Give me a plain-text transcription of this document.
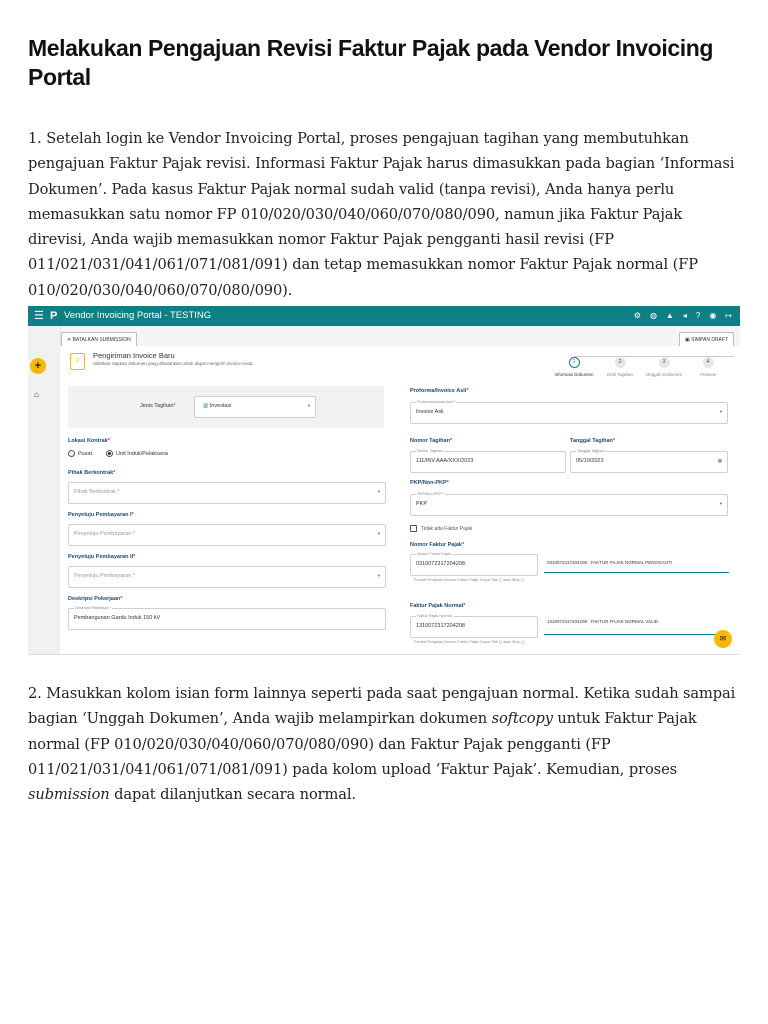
Melakukan Pengajuan Revisi Faktur Pajak pada Vendor Invoicing Portal

1. Setelah login ke Vendor Invoicing Portal, proses pengajuan tagihan yang membutuhkan pengajuan Faktur Pajak revisi. Informasi Faktur Pajak harus dimasukkan pada bagian ‘Informasi Dokumen’. Pada kasus Faktur Pajak normal sudah valid (tanpa revisi), Anda hanya perlu memasukkan satu nomor FP 010/020/030/040/060/070/080/090, namun jika Faktur Pajak direvisi, Anda wajib memasukkan nomor Faktur Pajak pengganti hasil revisi (FP 011/021/031/041/061/071/081/091) dan tetap memasukkan nomor Faktur Pajak normal (FP 010/020/030/040/060/070/080/090).

☰ P Vendor Invoicing Portal - TESTING	⚙ ◍ ▲ ◂ ? ◉ ↦
+
⌂
✕ BATALKAN SUBMISSION	▣ SIMPAN DRAFT
≡
Pengiriman Invoice Baru
Silahkan siapkan dokumen yang dibutuhkan untuk dapat mengirim invoice Anda	1
Informasi Dokumen
2
Detil Tagihan
3
Unggah Dokumen
4
Preview
Jenis Tagihan*	▥ Investasi	▾
Lokasi Kontrak*
Pusat	Unit Induk/Pelaksana
Pihak Berkontrak*
Pihak Berkontrak *	▾
Penyetuju Pembayaran I*
Penyetuju Pembayaran *	▾
Penyetuju Pembayaran II*
Penyetuju Pembayaran *	▾
Deskripsi Pekerjaan*
Deskripsi Pekerjaan *
Pembangunan Gardu Induk 150 kV
Proforma/Invoice Asli*
Proforma/Invoice Asli *
Invoice Asli	▾
Nomor Tagihan*
Nomor Tagihan
111/INV.AAA/XXX/2023
Tanggal Tagihan*
Tanggal Tagihan
05/10/2023	▦
PKP/Non-PKP*
PKP/Non-PKP *
PKP	▾
Tidak ada Faktur Pajak
Nomor Faktur Pajak*
Nomor Faktur Pajak
0310072317204208	0310072317204208 : FAKTUR PAJAK NORMAL PENGGANTI
Format Pengisian Nomor Faktur Pajak Tanpa Titik (.) atau Strip (-)
Faktur Pajak Normal*
Faktur Pajak Normal
1310072317204208
1310072317204208 : FAKTUR PAJAK NORMAL VALID
Format Pengisian Nomor Faktur Pajak Tanpa Titik (.) atau Strip (-)	✉

2. Masukkan kolom isian form lainnya seperti pada saat pengajuan normal. Ketika sudah sampai bagian ‘Unggah Dokumen’, Anda wajib melampirkan dokumen softcopy untuk Faktur Pajak normal (FP 010/020/030/040/060/070/080/090) dan Faktur Pajak pengganti (FP 011/021/031/041/061/071/081/091) pada kolom upload ‘Faktur Pajak’. Kemudian, proses submission dapat dilanjutkan secara normal.
